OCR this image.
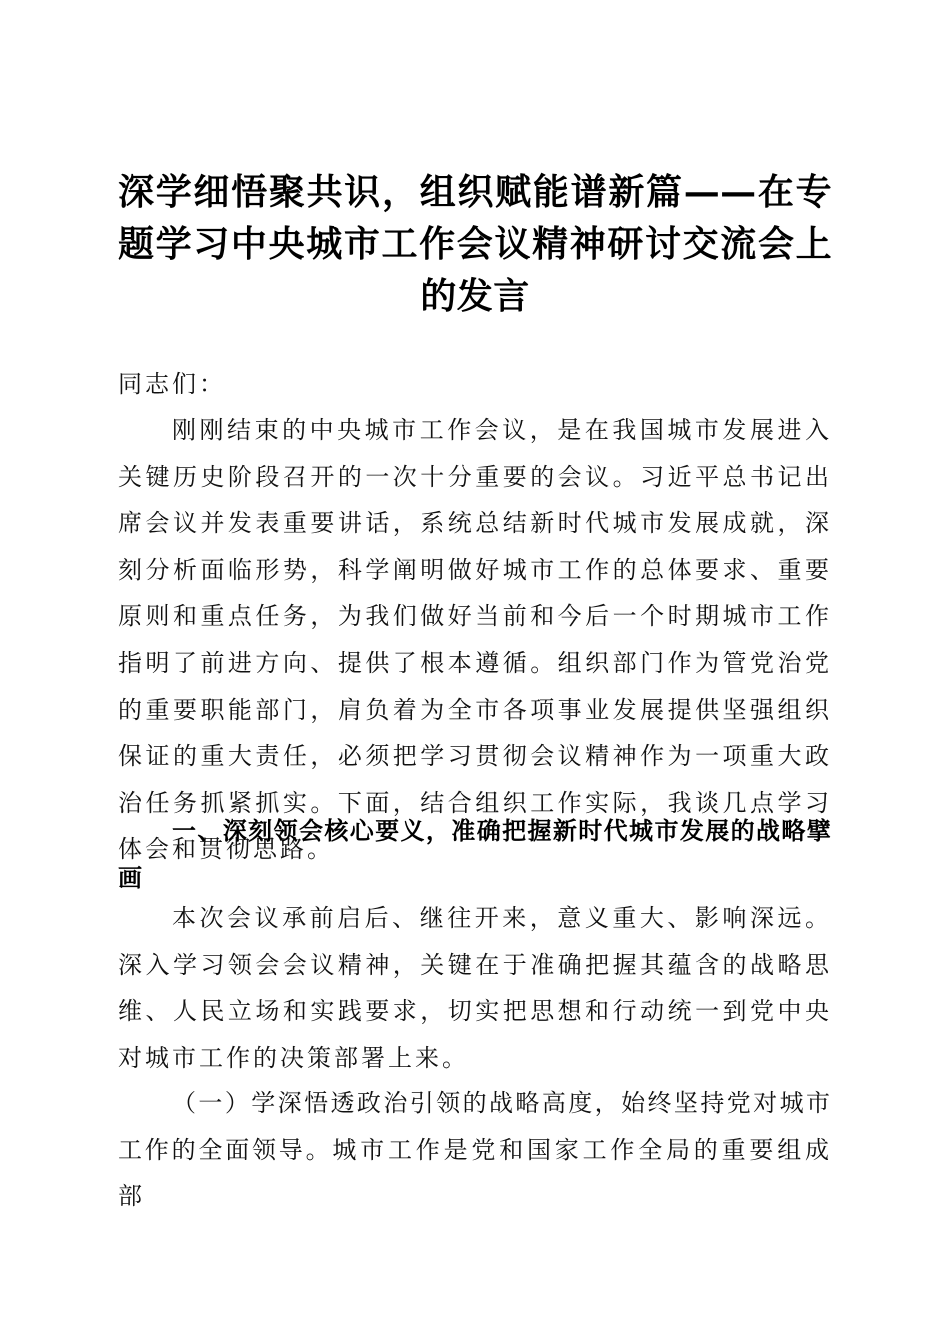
深学细悟聚共识，组织赋能谱新篇——在专题学习中央城市工作会议精神研讨交流会上的发言

同志们：

刚刚结束的中央城市工作会议，是在我国城市发展进入关键历史阶段召开的一次十分重要的会议。习近平总书记出席会议并发表重要讲话，系统总结新时代城市发展成就，深刻分析面临形势，科学阐明做好城市工作的总体要求、重要原则和重点任务，为我们做好当前和今后一个时期城市工作指明了前进方向、提供了根本遵循。组织部门作为管党治党的重要职能部门，肩负着为全市各项事业发展提供坚强组织保证的重大责任，必须把学习贯彻会议精神作为一项重大政治任务抓紧抓实。下面，结合组织工作实际，我谈几点学习体会和贯彻思路。

一、深刻领会核心要义，准确把握新时代城市发展的战略擘画

本次会议承前启后、继往开来，意义重大、影响深远。深入学习领会会议精神，关键在于准确把握其蕴含的战略思维、人民立场和实践要求，切实把思想和行动统一到党中央对城市工作的决策部署上来。

（一）学深悟透政治引领的战略高度，始终坚持党对城市工作的全面领导。城市工作是党和国家工作全局的重要组成部
